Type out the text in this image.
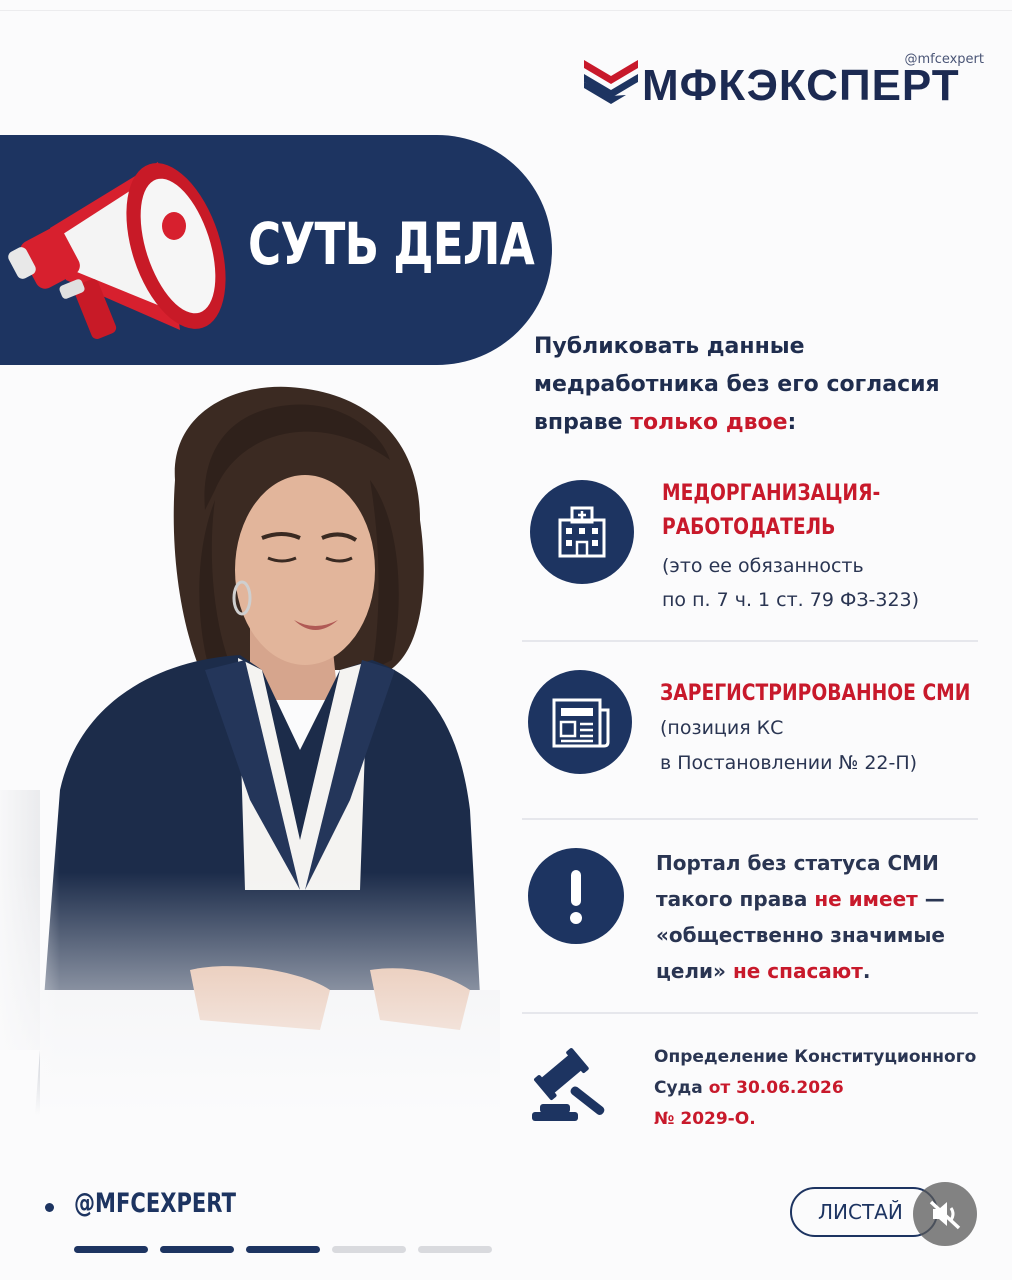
@mfcexpert
МФКЭКСПЕРТ
СУТЬ ДЕЛА
Публиковать данные
медработника без его согласия
вправе только двое:
МЕДОРГАНИЗАЦИЯ-
РАБОТОДАТЕЛЬ
(это ее обязанность
по п. 7 ч. 1 ст. 79 ФЗ-323)
ЗАРЕГИСТРИРОВАННОЕ СМИ
(позиция КС
в Постановлении № 22-П)
Портал без статуса СМИ
такого права не имеет —
«общественно значимые
цели» не спасают.
Определение Конституционного
Суда от 30.06.2026
№ 2029-О.
@MFCEXPERT	ЛИСТАЙ
